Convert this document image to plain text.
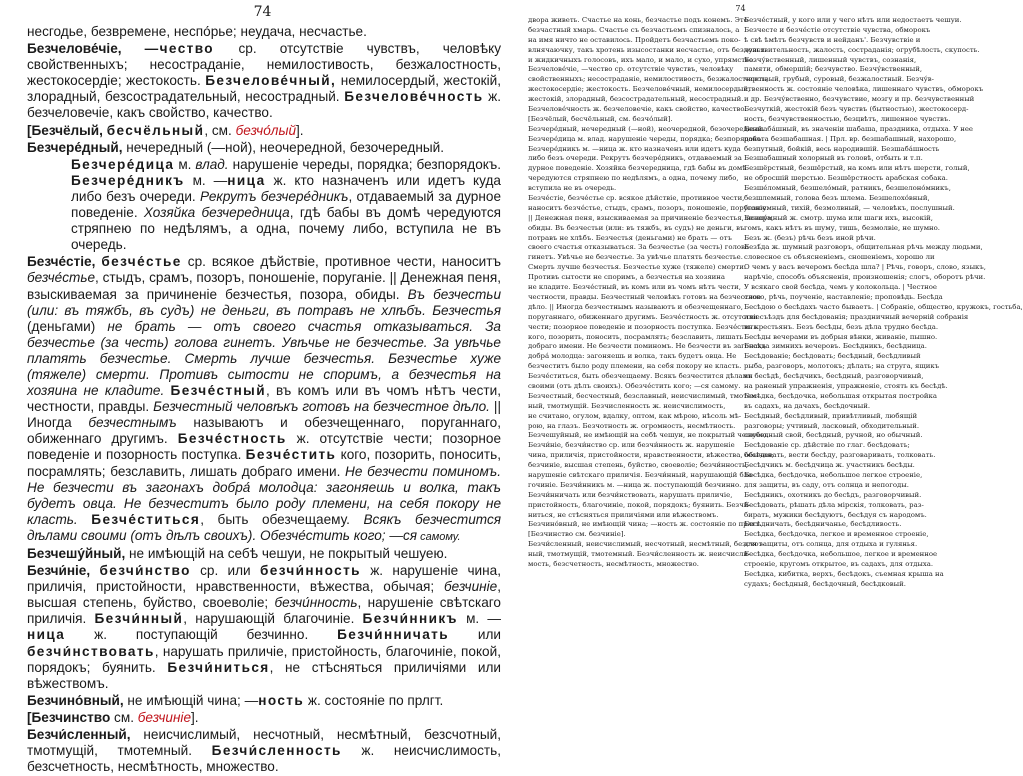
74
несгодье, безвремене, неспо́рье; неудача, несчастье.
Безчелове́чіе, —чество ср. отсутствіе чувствъ, человѣку свойственныхъ; несостраданіе, немилостивость, безжалостность, жестокосердіе; жестокость. Безчелове́чный, немилосердый, жестокій, злорадный, безсострадательный, несострадный. Безчелове́чность ж. безчеловечіе, какъ свойство, качество.
[Безчёлый, бесчёльный, см. безчо́лый].
Безчере́дный, нечередный (—ной), неочередной, безочередный.
Безчере́дица м. влад. нарушеніе череды, порядка; безпорядокъ. Безчере́дникъ м. —ница ж. кто назначенъ или идетъ куда либо безъ очереди. Рекрутъ безчере́дникъ, отдаваемый за дурное поведеніе. Хозяйка безчередница, гдѣ бабы въ домѣ чередуются стряпнею по недѣлямъ, а одна, почему либо, вступила не въ очередь.
Безче́стіе, безче́стье ср. всякое дѣйствіе, противное чести, наноситъ безче́стье, стыдъ, срамъ, позоръ, поношеніе, поруганіе. || Денежная пеня, взыскиваемая за причиненіе безчестья, позора, обиды. Въ безчестьи (или: въ тяжбъ, въ судъ) не деньги, въ потравъ не хлѣбъ. Безчестья (деньгами) не брать — отъ своего счастья отказываться. За безчестье (за честь) голова гинетъ. Увѣчье не безчестье. За увѣчье платять безчестье. Смерть лучше безчестья. Безчестье хуже (тяжеле) смерти. Противъ сытости не споримъ, а безчестья на хозяина не кладите. Безче́стный, въ комъ или въ чомъ нѣтъ чести, честности, правды. Безчестный человѣкъ готовъ на безчестное дѣло. || Иногда безчестнымъ называютъ и обезчещеннаго, поруганнаго, обиженнаго другимъ. Безче́стность ж. отсутствіе чести; позорное поведеніе и позорность поступка. Безче́стить кого, позорить, поносить, посрамлять; безславить, лишать добраго имени. Не безчести поминомъ. Не безчести въ загонахъ добра́ молодца: загоняешь и волка, такъ будетъ овца. Не безчеститъ было роду племени, на себя покору не класть. Безче́ститься, быть обезчещаему. Всякъ безчестится дѣлами своими (отъ дѣлъ своихъ). Обезче́стить кого; —ся самому.
Безчешу́йный, не имѣющій на себѣ чешуи, не покрытый чешуею.
Безчи́ніе, безчи́нство ср. или безчи́нность ж. нарушеніе чина, приличія, пристойности, нравственности, вѣжества, обычая; безчиніе, высшая степень, буйство, своеволіе; безчи́нность, нарушеніе свѣтскаго приличія. Безчи́нный, нарушающій благочиніе. Безчи́нникъ м. —ница ж. поступающій безчинно. Безчи́нничать или безчи́нствовать, нарушать приличіе, пристойность, благочиніе, покой, порядокъ; буянить. Безчи́ниться, не стѣсняться приличіями или вѣжествомъ.
Безчино́вный, не имѣющій чина; —ность ж. состояніе по прлгт.
[Безчинство см. безчиніе].
Безчи́сленный, неисчислимый, несчотный, несмѣтный, безсчотный, тмотмущій, тмотемный. Безчи́сленность ж. неисчислимость, безсчетность, несмѣтность, множество.
74
двора живеть. Счастье на конь, безчастье подъ конемъ. Это
безчастный хмарь. Счастье съ безчастьемъ спизналось, а
на имя ничто не оставилось. Пройдетъ безчастьемъ поко-
влнячаючку, такъ хротень изысостанки несчастье, отъ бездолья.
и жидкичныхъ голосовъ, ихъ мало, и мало, и сухо, упрямство.
Безчелове́чіе, —чество ср. отсутствіе чувствъ, человѣку
свойственныхъ; несостраданіе, немилостивость, безжалостность,
жестокосердіе; жестокость. Безчелове́чный, немилосердый,
жестокій, злорадный, безсострадательный, несострадный.
Безчелове́чность ж. безчеловечіе, какъ свойство, качество.
[Безчёлый, бесчёльный, см. безчо́лый].
Безчере́дный, нечередный (—ной), неочередной, безочередный.
Безчере́дица м. влад. нарушеніе череды, порядка; безпорядокъ.
Безчере́дникъ м. —ница ж. кто назначенъ или идетъ куда
либо безъ очереди. Рекрутъ безчере́дникъ, отдаваемый за
дурное поведеніе. Хозяйка безчередница, гдѣ бабы въ домѣ
чередуются стряпнею по недѣлямъ, а одна, почему либо,
вступила не въ очередь.
Безче́стіе, безче́стье ср. всякое дѣйствіе, противное чести,
наноситъ безче́стье, стыдъ, срамъ, позоръ, поношеніе, поруганіе.
|| Денежная пеня, взыскиваемая за причиненіе безчестья, позора,
обиды. Въ безчестьи (или: въ тяжбъ, въ судъ) не деньги, въ
потравъ не хлѣбъ. Безчестья (деньгами) не брать — отъ
своего счастья отказываться. За безчестье (за честь) голова
гинетъ. Увѣчье не безчестье. За увѣчье платять безчестье.
Смерть лучше безчестья. Безчестье хуже (тяжеле) смерти.
Противъ сытости не споримъ, а безчестья на хозяина
не кладите. Безче́стный, въ комъ или въ чомъ нѣтъ чести,
честности, правды. Безчестный человѣкъ готовъ на безчестное
дѣло. || Иногда безчестнымъ называютъ и обезчещеннаго,
поруганнаго, обиженнаго другимъ. Безче́стность ж. отсутствіе
чести; позорное поведеніе и позорность поступка. Безче́стить
кого, позорить, поносить, посрамлять; безславить, лишать
добраго имени. Не безчести поминомъ. Не безчести въ загонахъ
добра́ молодца: загоняешь и волка, такъ будетъ овца. Не
безчеститъ было роду племени, на себя покору не класть.
Безче́ститься, быть обезчещаему. Всякъ безчестится дѣлами
своими (отъ дѣлъ своихъ). Обезче́стить кого; —ся самому.
Безчестный, бесчестный, безславный, неисчислимый, тмотем-
ный, тмотмущій. Безчисленность ж. неисчислимость,
не считано, огулом, вдалку, оптом, как мѣрою, нѣсоль мѣ-
рою, на глазъ. Безчотность ж. огромность, несмѣтность.
Безчешуйный, не имѣющій на себѣ чешуи, не покрытый чешуею.
Безчи́ніе, безчи́нство ср. или безчи́нность ж. нарушеніе
чина, приличія, пристойности, нравственности, вѣжества, обычая;
безчиніе, высшая степень, буйство, своеволіе; безчи́нность,
нарушеніе свѣтскаго приличія. Безчи́нный, нарушающій бла-
гочиніе. Безчи́нникъ м. —ница ж. поступающій безчинно.
Безчи́нничать или безчи́нствовать, нарушать приличіе,
пристойность, благочиніе, покой, порядокъ; буянить. Безчи́-
ниться, не стѣсняться приличіями или вѣжествомъ.
Безчино́вный, не имѣющій чина; —ность ж. состояніе по прлгт.
[Безчинство см. безчиніе].
Безчи́сленный, неисчислимый, несчотный, несмѣтный, безсчот-
ный, тмотмущій, тмотемный. Безчи́сленность ж. неисчисли-
мость, безсчетность, несмѣтность, множество.
Безче́стный, у кого или у чего нѣтъ или недостаетъ чешуи.
Безчесте и безче́стіе отсутствіе чувства, обморокъ
ѣ свѣ ѣмѣтъ безчувств и нейданъ'. Безчувствіе и
чувствительность, жалость, состраданія; огрубѣлость, скупость.
Безчу́вственный, лишенный чувствъ, сознанія,
памяти, обмершій; безчувство. Безчу́вственный,
черствый, грубый, суровый, безжалостный. Безчу́в-
ственность ж. состояніе человѣка, лишеннаго чувствъ, обморокъ
и др. Безчу́вственно, безчувствие, мозгу и пр. безчувственный
Безчуткій, жестокій безъ чувствъ (бытностью), жестокосерд-
ность, безчувственностью, безцвѣтъ, лишенное чувствъ.
Безшаба́шный, въ значеніи шабаша, праздника, отдыха. У нее
работа безшабашная. | Прл. вр. безшабашный, нахорошо,
безпутный, бойкій, весь народившій. Безшаба́шность
Безшабашный холорный въ головѣ, отбыть и т.п.
Безшёрстный, безшёрстый, на комъ или нѣтъ шерсти, голый,
не обросшій шерстью. Безшёрстность арабская собака.
Безше́ломный, безшело́мый, ратникъ, безшелоно́мникъ,
безшлемный, голова безъ шлема. Безшелохо́вный,
безшумный, тихій, безмолвный, — человѣкъ, послушный.
Безшу́мный ж. смотр. шума или шаги ихъ, высокій,
гомъ, какъ нѣтъ въ шуму, тишь, безмолвіе, не шумно.
Безъ ж. (безъ) рѣчь безъ иной рѣчи.
Безѣ́да ж. шумный разговоръ, общительная рѣчь между людьми,
словесное съ объясненіемъ, сношеніемъ, хорошо ли
О чемъ у васъ вечеромъ бесѣда шла? | Рѣчь, говоръ, слово, языкъ,
нарѣчіе, способъ объясненія, произношенія; слогъ, оборотъ рѣчи.
У всякаго свой бесѣда, чемъ у колокольца. | Честное
слово, рѣчь, поученіе, наставленіе; проповѣдь. Бесѣда
Бесѣдою о бесѣдахъ часто бываетъ. | Собраніе, общество, кружокъ, гостьба,
или съѣздъ для бесѣдованія; праздничный вечерній собранія
въ крестьянъ. Безъ бесѣды, безъ дѣла трудно бесѣда.
Бесѣды вечерами въ добрыя вѣнки, живаніе, пышно.
Бесѣда зимнихъ вечеровъ. Бесѣдникъ, бесѣдница.
Бесѣдованіе; бесѣдовать; бесѣдный, бесѣдливый
рыба, разговоръ, молотокъ; дѣлать; на струга, ящикъ
въ бесѣдѣ, бесѣдчикъ, бесѣдный, разговорчивый,
на раненый упражненія, упражненіе, стоять къ бесѣдѣ.
Бесѣдка, бесѣдочка, небольшая открытая постройка
въ садахъ, на дачахъ, бесѣдочный.
Бесѣдный, бесѣдливый, привѣтливый, любящій
разговоры; учтивый, ласковый, обходительный.
свободный свой, бесѣдный, ручной, но обычный.
Бесѣдованіе ср. дѣйствіе по глаг. бесѣдовать;
бесѣдовать, вести бесѣду, разговаривать, толковать.
Бесѣдчикъ м. бесѣдчица ж. участникъ бесѣды.
Бесѣдка, бесѣдочка, небольшое легкое строеніе,
для защиты, въ саду, отъ солнца и непогоды.
Бесѣдникъ, охотникъ до бесѣдъ, разговорчивый.
Бесѣдовать, рѣшать дѣла мірскія, толковать, раз-
бирать, мужики бесѣдуютъ, бесѣдуя съ народомъ.
Бесѣдничать, бесѣдничанье, бесѣдливость.
Бесѣдка, бесѣдочка, легкое и временное строеніе,
для защиты, отъ солнца, для отдыха и гулянья.
Бесѣдка, бесѣдочка, небольшое, легкое и временное
строеніе, кругомъ открытое, въ садахъ, для отдыха.
Бесѣдка, кибитка, верхъ, бесѣдокъ, съемная крыша на
судахъ; бесѣдный, бесѣдочный, бесѣдковый.
